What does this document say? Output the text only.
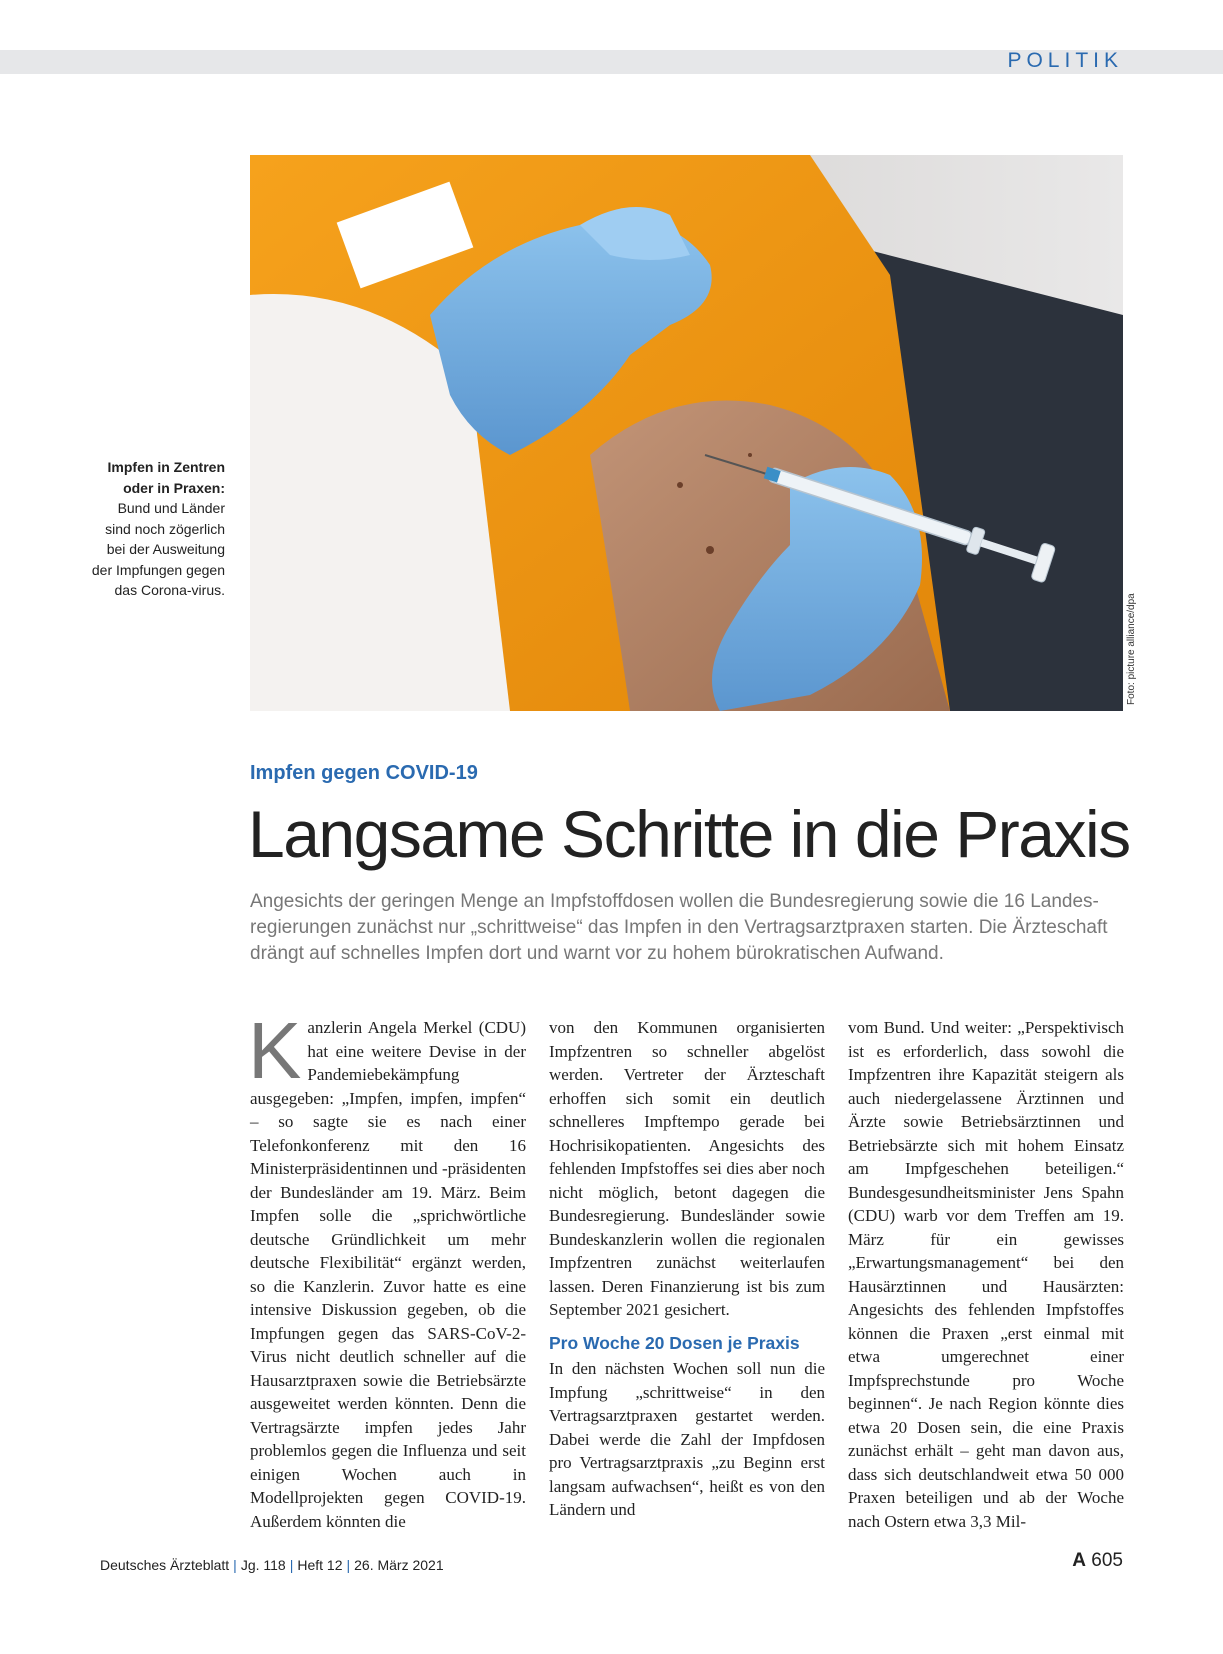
POLITIK
Foto: picture alliance/dpa
Impfen in Zentren oder in Praxen:
Bund und Länder sind noch zögerlich bei der Ausweitung der Impfungen gegen das Corona-virus.
Impfen gegen COVID-19
Langsame Schritte in die Praxis
Angesichts der geringen Menge an Impfstoffdosen wollen die Bundesregierung sowie die 16 Landes-regierungen zunächst nur „schrittweise“ das Impfen in den Vertragsarztpraxen starten. Die Ärzteschaft drängt auf schnelles Impfen dort und warnt vor zu hohem bürokratischen Aufwand.
K anzlerin Angela Merkel (CDU) hat eine weitere Devise in der Pandemiebekämpfung ausgegeben: „Impfen, impfen, impfen“ – so sagte sie es nach einer Telefonkonferenz mit den 16 Ministerpräsidentinnen und -präsidenten der Bundesländer am 19. März. Beim Impfen solle die „sprichwörtliche deutsche Gründlichkeit um mehr deutsche Flexibilität“ ergänzt werden, so die Kanzlerin. Zuvor hatte es eine intensive Diskussion gegeben, ob die Impfungen gegen das SARS-CoV-2-Virus nicht deutlich schneller auf die Hausarztpraxen sowie die Betriebsärzte ausgeweitet werden könnten. Denn die Vertragsärzte impfen jedes Jahr problemlos gegen die Influenza und seit einigen Wochen auch in Modellprojekten gegen COVID-19. Außerdem könnten die
von den Kommunen organisierten Impfzentren so schneller abgelöst werden. Vertreter der Ärzteschaft erhoffen sich somit ein deutlich schnelleres Impftempo gerade bei Hochrisikopatienten. Angesichts des fehlenden Impfstoffes sei dies aber noch nicht möglich, betont dagegen die Bundesregierung. Bundesländer sowie Bundeskanzlerin wollen die regionalen Impfzentren zunächst weiterlaufen lassen. Deren Finanzierung ist bis zum September 2021 gesichert.
Pro Woche 20 Dosen je Praxis
In den nächsten Wochen soll nun die Impfung „schrittweise“ in den Vertragsarztpraxen gestartet werden. Dabei werde die Zahl der Impfdosen pro Vertragsarztpraxis „zu Beginn erst langsam aufwachsen“, heißt es von den Ländern und
vom Bund. Und weiter: „Perspektivisch ist es erforderlich, dass sowohl die Impfzentren ihre Kapazität steigern als auch niedergelassene Ärztinnen und Ärzte sowie Betriebsärztinnen und Betriebsärzte sich mit hohem Einsatz am Impfgeschehen beteiligen.“ Bundesgesundheitsminister Jens Spahn (CDU) warb vor dem Treffen am 19. März für ein gewisses „Erwartungsmanagement“ bei den Hausärztinnen und Hausärzten: Angesichts des fehlenden Impfstoffes können die Praxen „erst einmal mit etwa umgerechnet einer Impfsprechstunde pro Woche beginnen“. Je nach Region könnte dies etwa 20 Dosen sein, die eine Praxis zunächst erhält – geht man davon aus, dass sich deutschlandweit etwa 50 000 Praxen beteiligen und ab der Woche nach Ostern etwa 3,3 Mil-
Deutsches Ärzteblatt | Jg. 118 | Heft 12 | 26. März 2021	A 605
